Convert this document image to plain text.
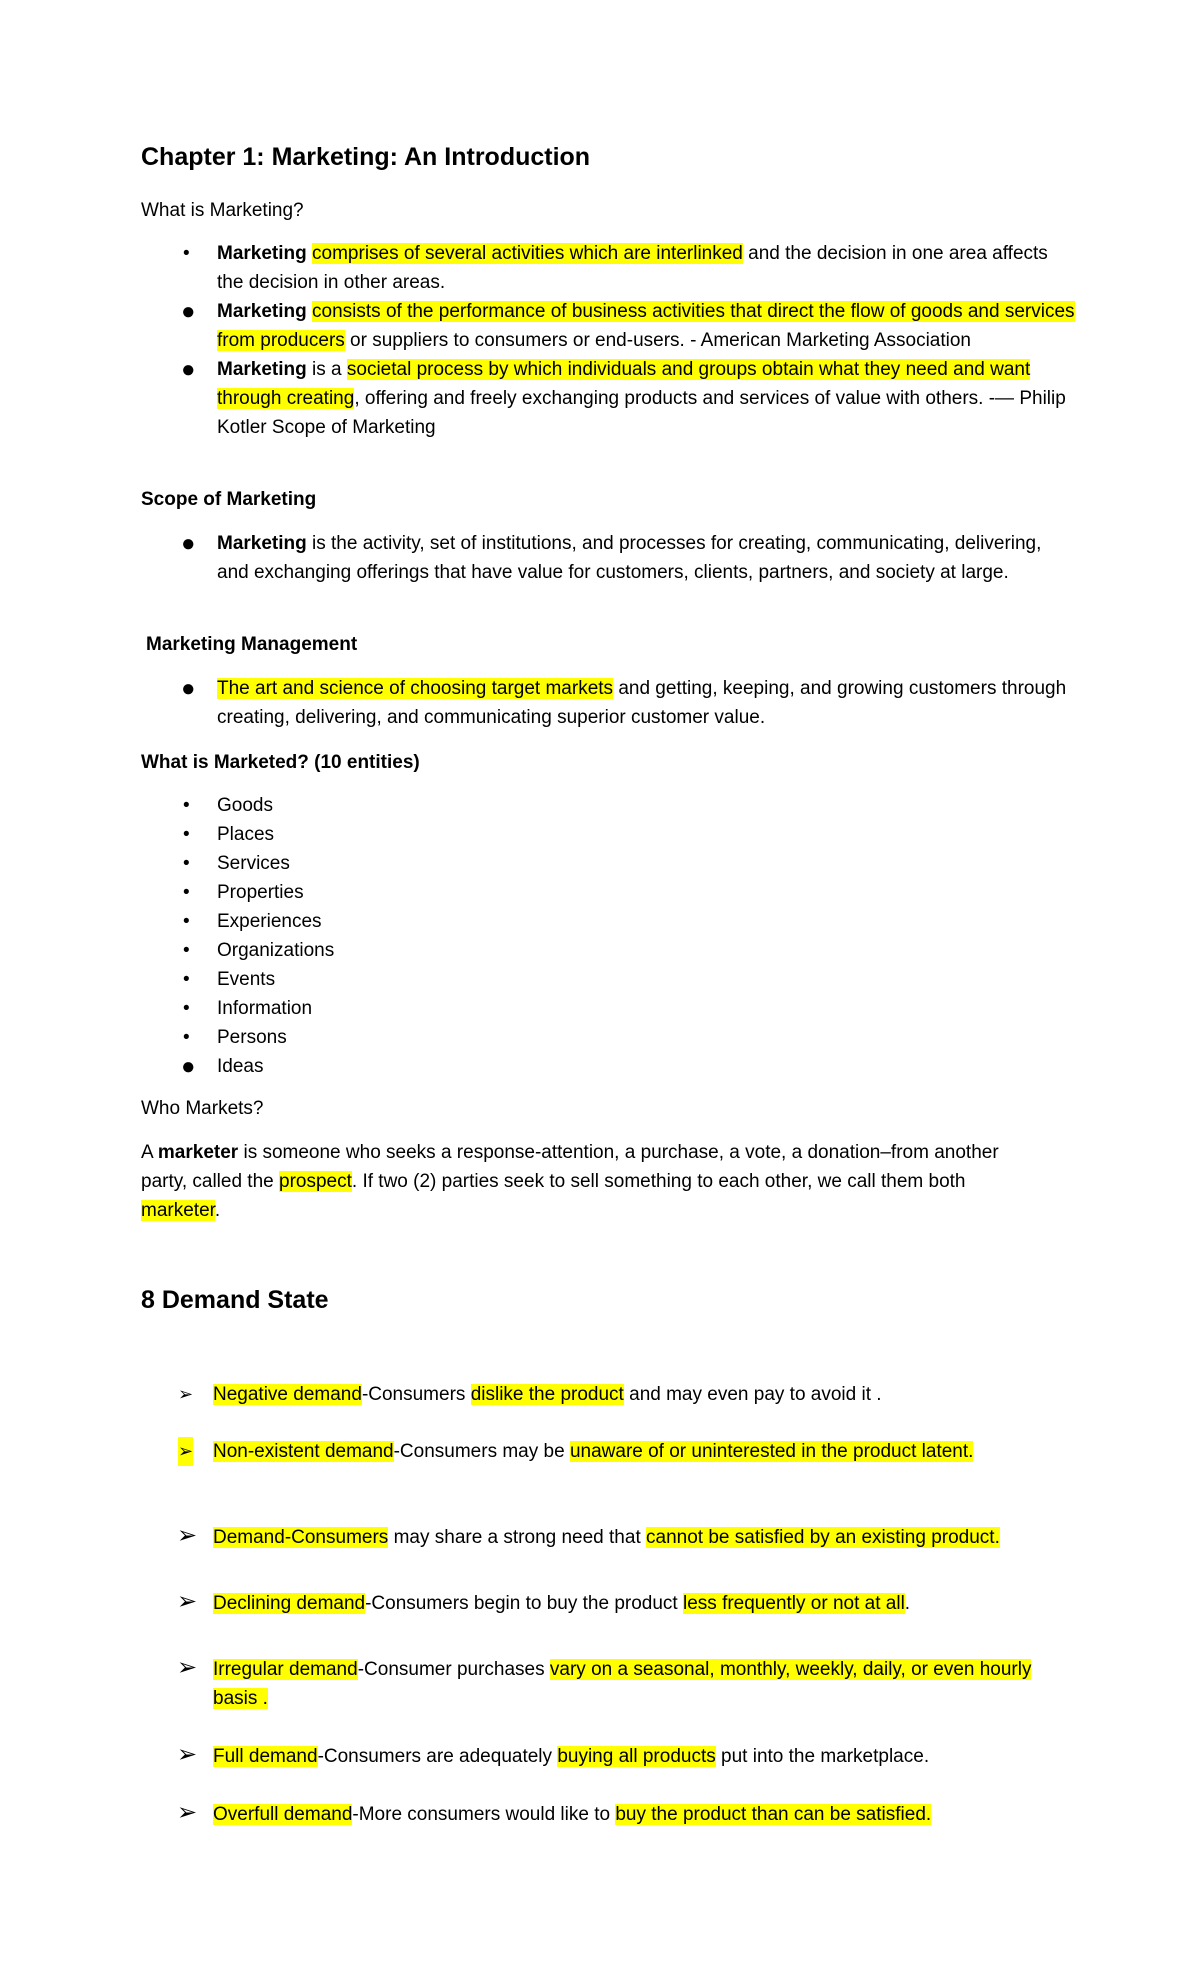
Chapter 1: Marketing: An Introduction
What is Marketing?
• Marketing comprises of several activities which are interlinked and the decision in one area affects the decision in other areas.
● Marketing consists of the performance of business activities that direct the flow of goods and services from producers or suppliers to consumers or end-users. - American Marketing Association
● Marketing is a societal process by which individuals and groups obtain what they need and want through creating, offering and freely exchanging products and services of value with others. -— Philip Kotler Scope of Marketing
Scope of Marketing
● Marketing is the activity, set of institutions, and processes for creating, communicating, delivering, and exchanging offerings that have value for customers, clients, partners, and society at large.
Marketing Management
● The art and science of choosing target markets and getting, keeping, and growing customers through creating, delivering, and communicating superior customer value.
What is Marketed? (10 entities)
• Goods
• Places
• Services
• Properties
• Experiences
• Organizations
• Events
• Information
• Persons
● Ideas
Who Markets?
A marketer is someone who seeks a response-attention, a purchase, a vote, a donation–from another party, called the prospect. If two (2) parties seek to sell something to each other, we call them both marketer.
8 Demand State
➢ Negative demand-Consumers dislike the product and may even pay to avoid it .
➢ Non-existent demand-Consumers may be unaware of or uninterested in the product latent.
➢ Demand-Consumers may share a strong need that cannot be satisfied by an existing product.
➢ Declining demand-Consumers begin to buy the product less frequently or not at all.
➢ Irregular demand-Consumer purchases vary on a seasonal, monthly, weekly, daily, or even hourly basis .
➢ Full demand-Consumers are adequately buying all products put into the marketplace.
➢ Overfull demand-More consumers would like to buy the product than can be satisfied.
